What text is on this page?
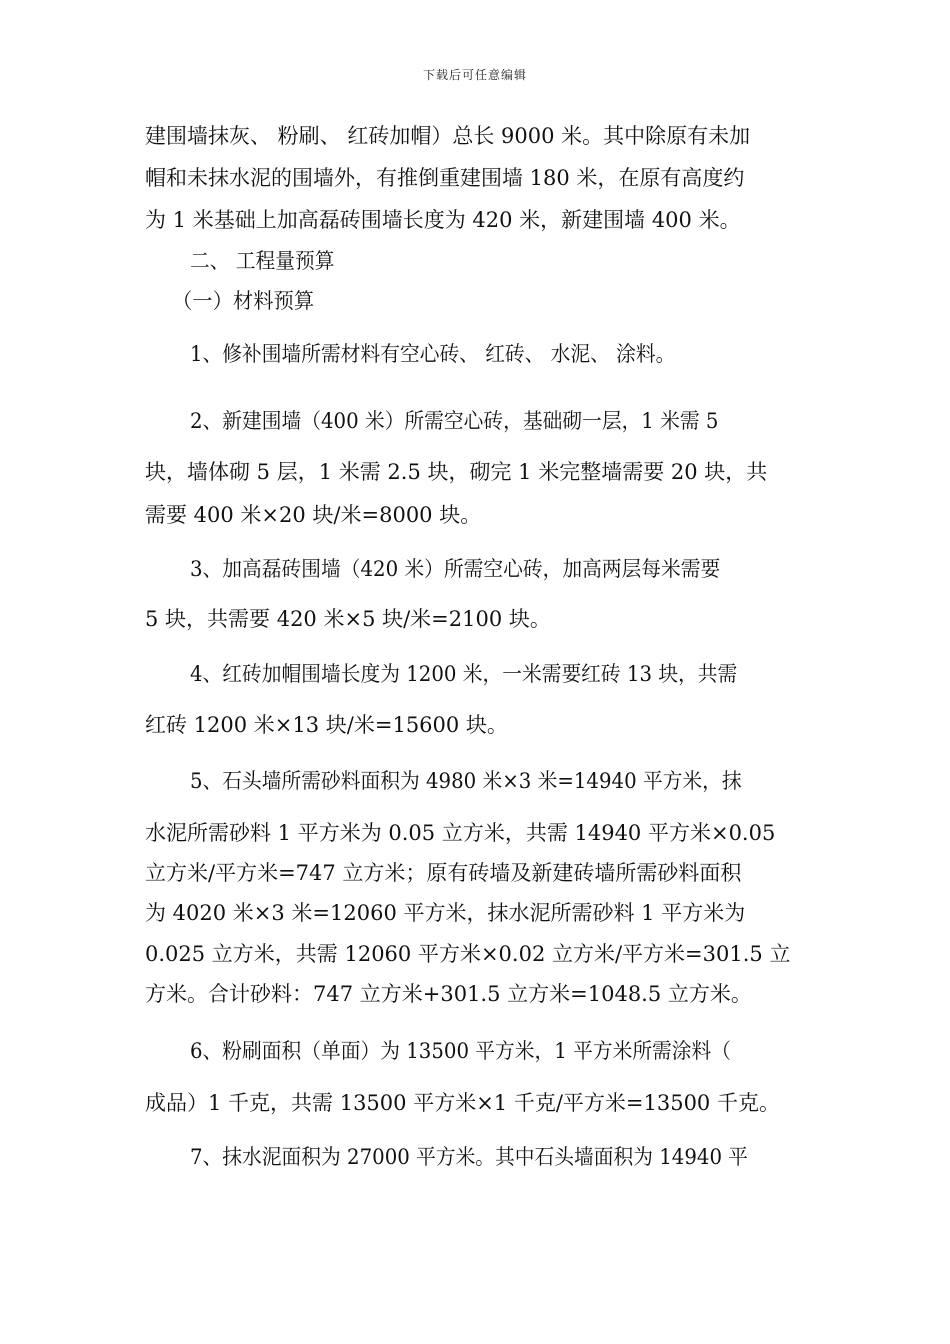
下载后可任意编辑
建围墙抹灰、 粉刷、 红砖加帽）总长 9000 米。其中除原有未加
帽和未抹水泥的围墙外，有推倒重建围墙 180 米，在原有高度约
为 1 米基础上加高磊砖围墙长度为 420 米，新建围墙 400 米。
二、 工程量预算
（一）材料预算
1、修补围墙所需材料有空心砖、 红砖、 水泥、 涂料。
2、新建围墙（400 米）所需空心砖，基础砌一层，1 米需 5
块，墙体砌 5 层，1 米需 2.5 块，砌完 1 米完整墙需要 20 块，共
需要 400 米×20 块/米=8000 块。
3、加高磊砖围墙（420 米）所需空心砖，加高两层每米需要
5 块，共需要 420 米×5 块/米=2100 块。
4、红砖加帽围墙长度为 1200 米，一米需要红砖 13 块，共需
红砖 1200 米×13 块/米=15600 块。
5、石头墙所需砂料面积为 4980 米×3 米=14940 平方米，抹
水泥所需砂料 1 平方米为 0.05 立方米，共需 14940 平方米×0.05
立方米/平方米=747 立方米；原有砖墙及新建砖墙所需砂料面积
为 4020 米×3 米=12060 平方米，抹水泥所需砂料 1 平方米为
0.025 立方米，共需 12060 平方米×0.02 立方米/平方米=301.5 立
方米。合计砂料：747 立方米+301.5 立方米=1048.5 立方米。
6、粉刷面积（单面）为 13500 平方米，1 平方米所需涂料（
成品）1 千克，共需 13500 平方米×1 千克/平方米=13500 千克。
7、抹水泥面积为 27000 平方米。其中石头墙面积为 14940 平
